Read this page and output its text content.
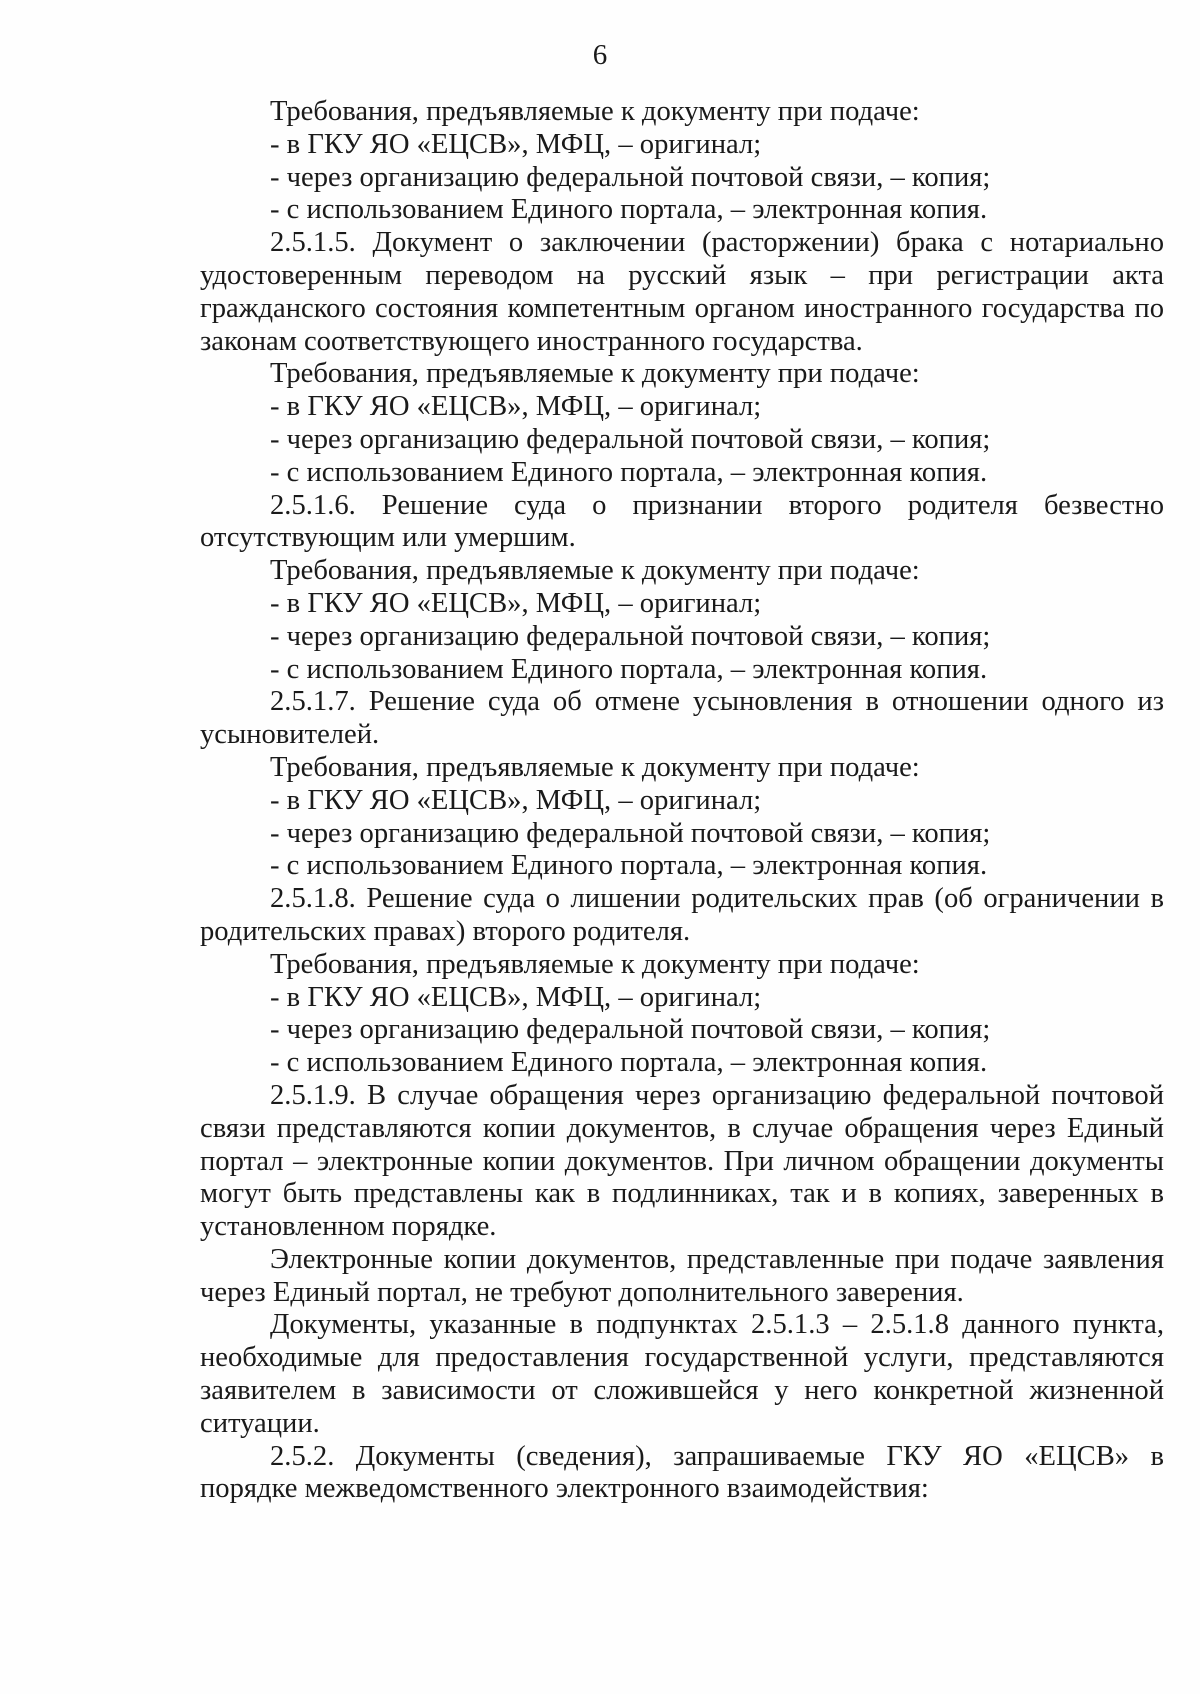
6

Требования, предъявляемые к документу при подаче:

- в ГКУ ЯО «ЕЦСВ», МФЦ, – оригинал;

- через организацию федеральной почтовой связи, – копия;

- с использованием Единого портала, – электронная копия.

2.5.1.5. Документ о заключении (расторжении) брака с нотариально удостоверенным переводом на русский язык – при регистрации акта гражданского состояния компетентным органом иностранного государства по законам соответствующего иностранного государства.

Требования, предъявляемые к документу при подаче:

- в ГКУ ЯО «ЕЦСВ», МФЦ, – оригинал;

- через организацию федеральной почтовой связи, – копия;

- с использованием Единого портала, – электронная копия.

2.5.1.6. Решение суда о признании второго родителя безвестно отсутствующим или умершим.

Требования, предъявляемые к документу при подаче:

- в ГКУ ЯО «ЕЦСВ», МФЦ, – оригинал;

- через организацию федеральной почтовой связи, – копия;

- с использованием Единого портала, – электронная копия.

2.5.1.7. Решение суда об отмене усыновления в отношении одного из усыновителей.

Требования, предъявляемые к документу при подаче:

- в ГКУ ЯО «ЕЦСВ», МФЦ, – оригинал;

- через организацию федеральной почтовой связи, – копия;

- с использованием Единого портала, – электронная копия.

2.5.1.8. Решение суда о лишении родительских прав (об ограничении в родительских правах) второго родителя.

Требования, предъявляемые к документу при подаче:

- в ГКУ ЯО «ЕЦСВ», МФЦ, – оригинал;

- через организацию федеральной почтовой связи, – копия;

- с использованием Единого портала, – электронная копия.

2.5.1.9. В случае обращения через организацию федеральной почтовой связи представляются копии документов, в случае обращения через Единый портал – электронные копии документов. При личном обращении документы могут быть представлены как в подлинниках, так и в копиях, заверенных в установленном порядке.

Электронные копии документов, представленные при подаче заявления через Единый портал, не требуют дополнительного заверения.

Документы, указанные в подпунктах 2.5.1.3 – 2.5.1.8 данного пункта, необходимые для предоставления государственной услуги, представляются заявителем в зависимости от сложившейся у него конкретной жизненной ситуации.

2.5.2. Документы (сведения), запрашиваемые ГКУ ЯО «ЕЦСВ» в порядке межведомственного электронного взаимодействия:
